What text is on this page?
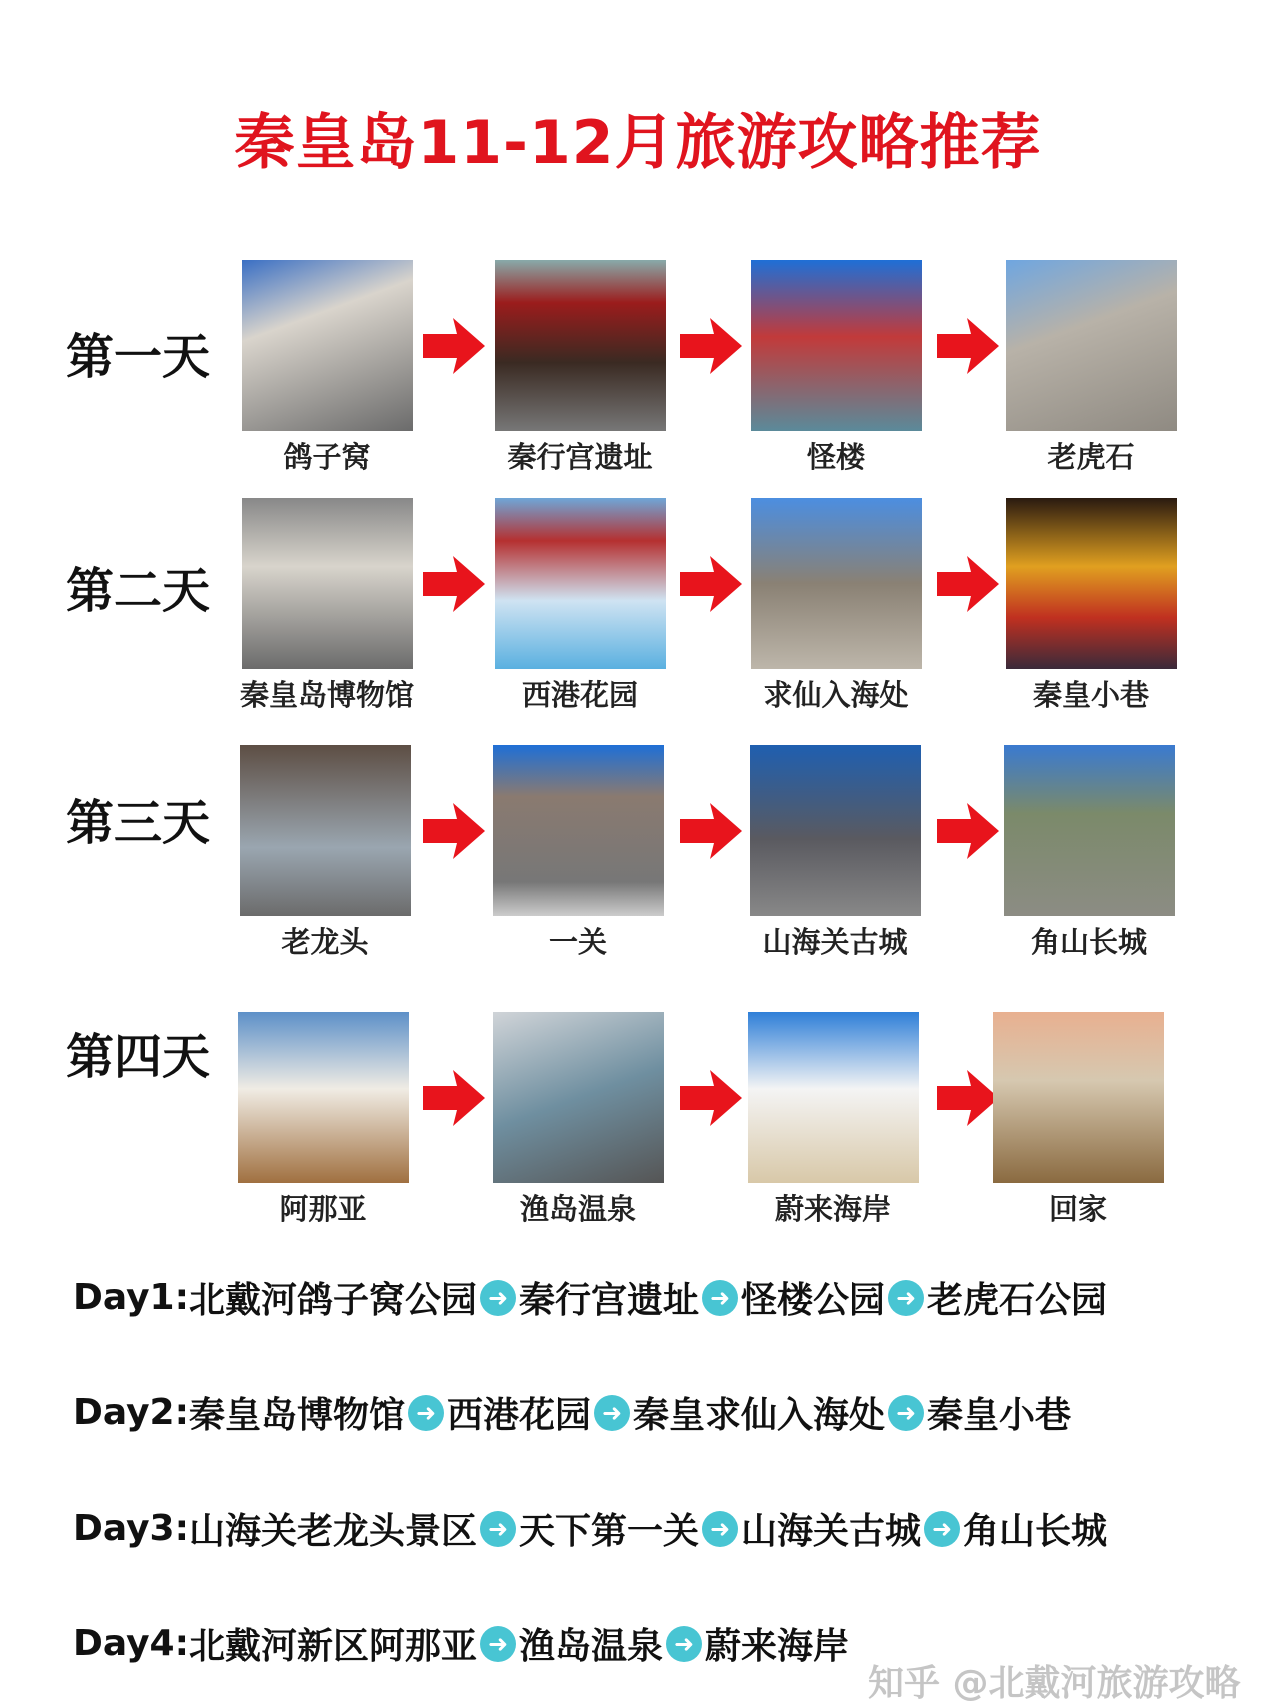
秦皇岛11-12月旅游攻略推荐
知乎 @北戴河旅游攻略
第一天
鸽子窝	秦行宫遗址	怪楼	老虎石
第二天
秦皇岛博物馆	西港花园	求仙入海处	秦皇小巷
第三天
老龙头	一关	山海关古城	角山长城
第四天
阿那亚	渔岛温泉	蔚来海岸	回家
Day1: 北戴河鸽子窝公园 ➜ 秦行宫遗址 ➜ 怪楼公园 ➜ 老虎石公园
Day2: 秦皇岛博物馆 ➜ 西港花园 ➜ 秦皇求仙入海处 ➜ 秦皇小巷
Day3: 山海关老龙头景区 ➜ 天下第一关 ➜ 山海关古城 ➜ 角山长城
Day4: 北戴河新区阿那亚 ➜ 渔岛温泉 ➜ 蔚来海岸
